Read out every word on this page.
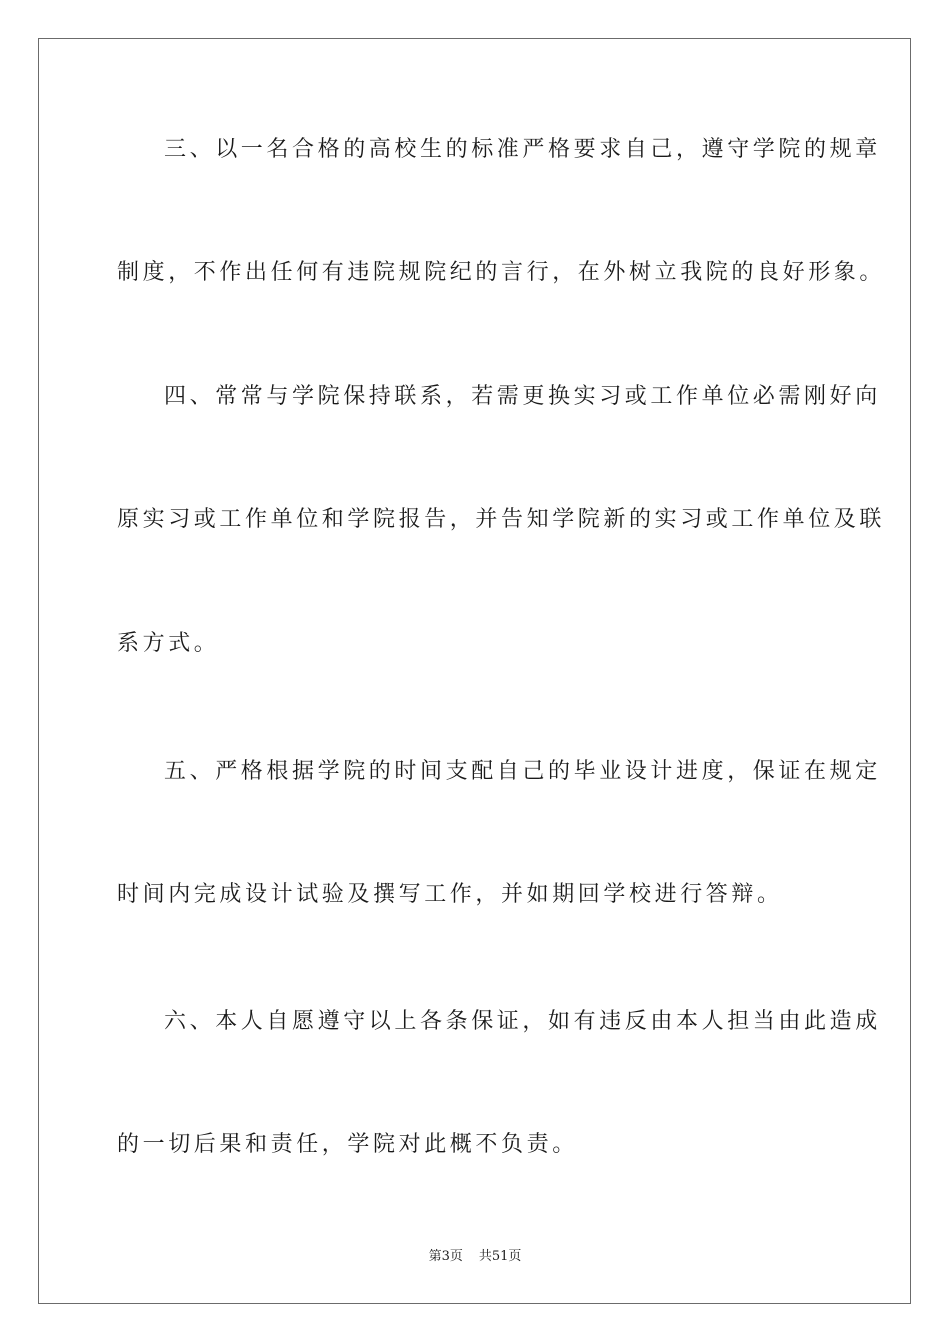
三、以一名合格的高校生的标准严格要求自己，遵守学院的规章
制度，不作出任何有违院规院纪的言行，在外树立我院的良好形象。
四、常常与学院保持联系，若需更换实习或工作单位必需刚好向
原实习或工作单位和学院报告，并告知学院新的实习或工作单位及联
系方式。
五、严格根据学院的时间支配自己的毕业设计进度，保证在规定
时间内完成设计试验及撰写工作，并如期回学校进行答辩。
六、本人自愿遵守以上各条保证，如有违反由本人担当由此造成
的一切后果和责任，学院对此概不负责。
第3页 共51页
